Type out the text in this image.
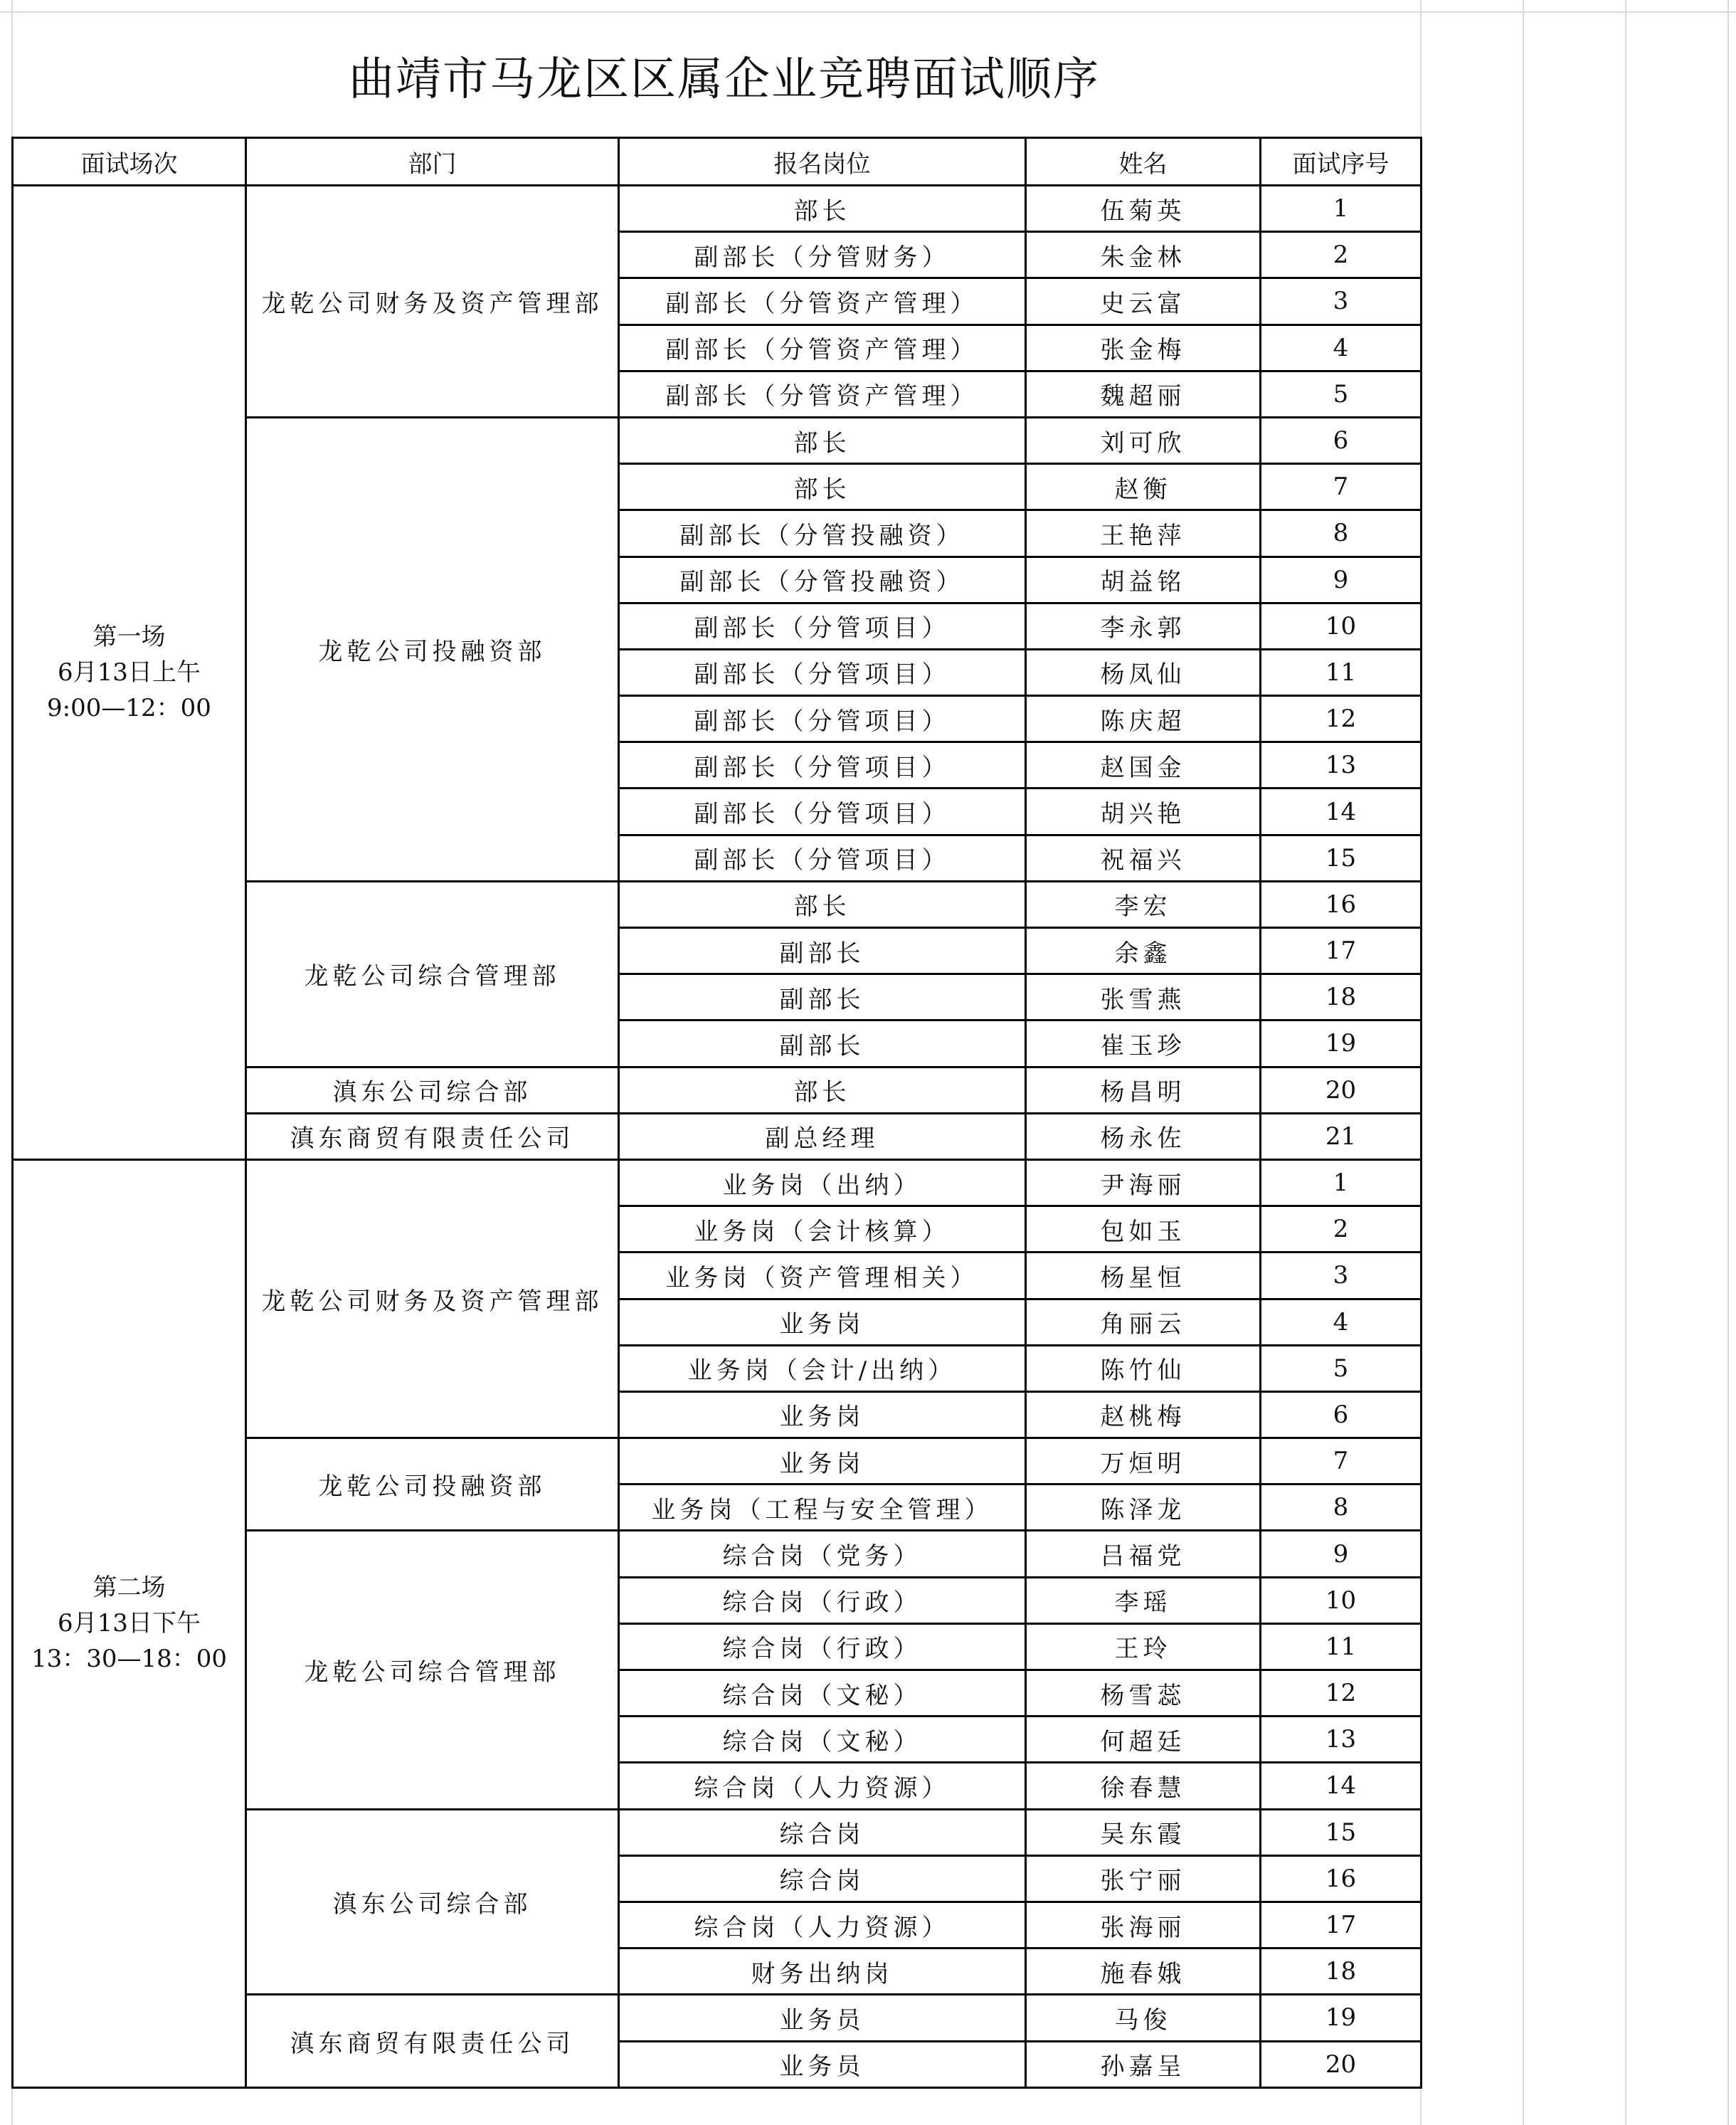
曲靖市马龙区区属企业竞聘面试顺序
面试场次	部门	报名岗位	姓名	面试序号

第一场
6月13日上午
9:00—12：00	龙乾公司财务及资产管理部	部长	伍菊英	1
		副部长（分管财务）	朱金林	2
		副部长（分管资产管理）	史云富	3
		副部长（分管资产管理）	张金梅	4
		副部长（分管资产管理）	魏超丽	5
	龙乾公司投融资部	部长	刘可欣	6
		部长	赵衡	7
		副部长（分管投融资）	王艳萍	8
		副部长（分管投融资）	胡益铭	9
		副部长（分管项目）	李永郭	10
		副部长（分管项目）	杨凤仙	11
		副部长（分管项目）	陈庆超	12
		副部长（分管项目）	赵国金	13
		副部长（分管项目）	胡兴艳	14
		副部长（分管项目）	祝福兴	15
	龙乾公司综合管理部	部长	李宏	16
		副部长	余鑫	17
		副部长	张雪燕	18
		副部长	崔玉珍	19
	滇东公司综合部	部长	杨昌明	20
	滇东商贸有限责任公司	副总经理	杨永佐	21

第二场
6月13日下午
13：30—18：00	龙乾公司财务及资产管理部	业务岗（出纳）	尹海丽	1
		业务岗（会计核算）	包如玉	2
		业务岗（资产管理相关）	杨星恒	3
		业务岗	角丽云	4
		业务岗（会计/出纳）	陈竹仙	5
		业务岗	赵桃梅	6
	龙乾公司投融资部	业务岗	万烜明	7
		业务岗（工程与安全管理）	陈泽龙	8
	龙乾公司综合管理部	综合岗（党务）	吕福党	9
		综合岗（行政）	李瑶	10
		综合岗（行政）	王玲	11
		综合岗（文秘）	杨雪蕊	12
		综合岗（文秘）	何超廷	13
		综合岗（人力资源）	徐春慧	14
	滇东公司综合部	综合岗	吴东霞	15
		综合岗	张宁丽	16
		综合岗（人力资源）	张海丽	17
		财务出纳岗	施春娥	18
	滇东商贸有限责任公司	业务员	马俊	19
		业务员	孙嘉呈	20
